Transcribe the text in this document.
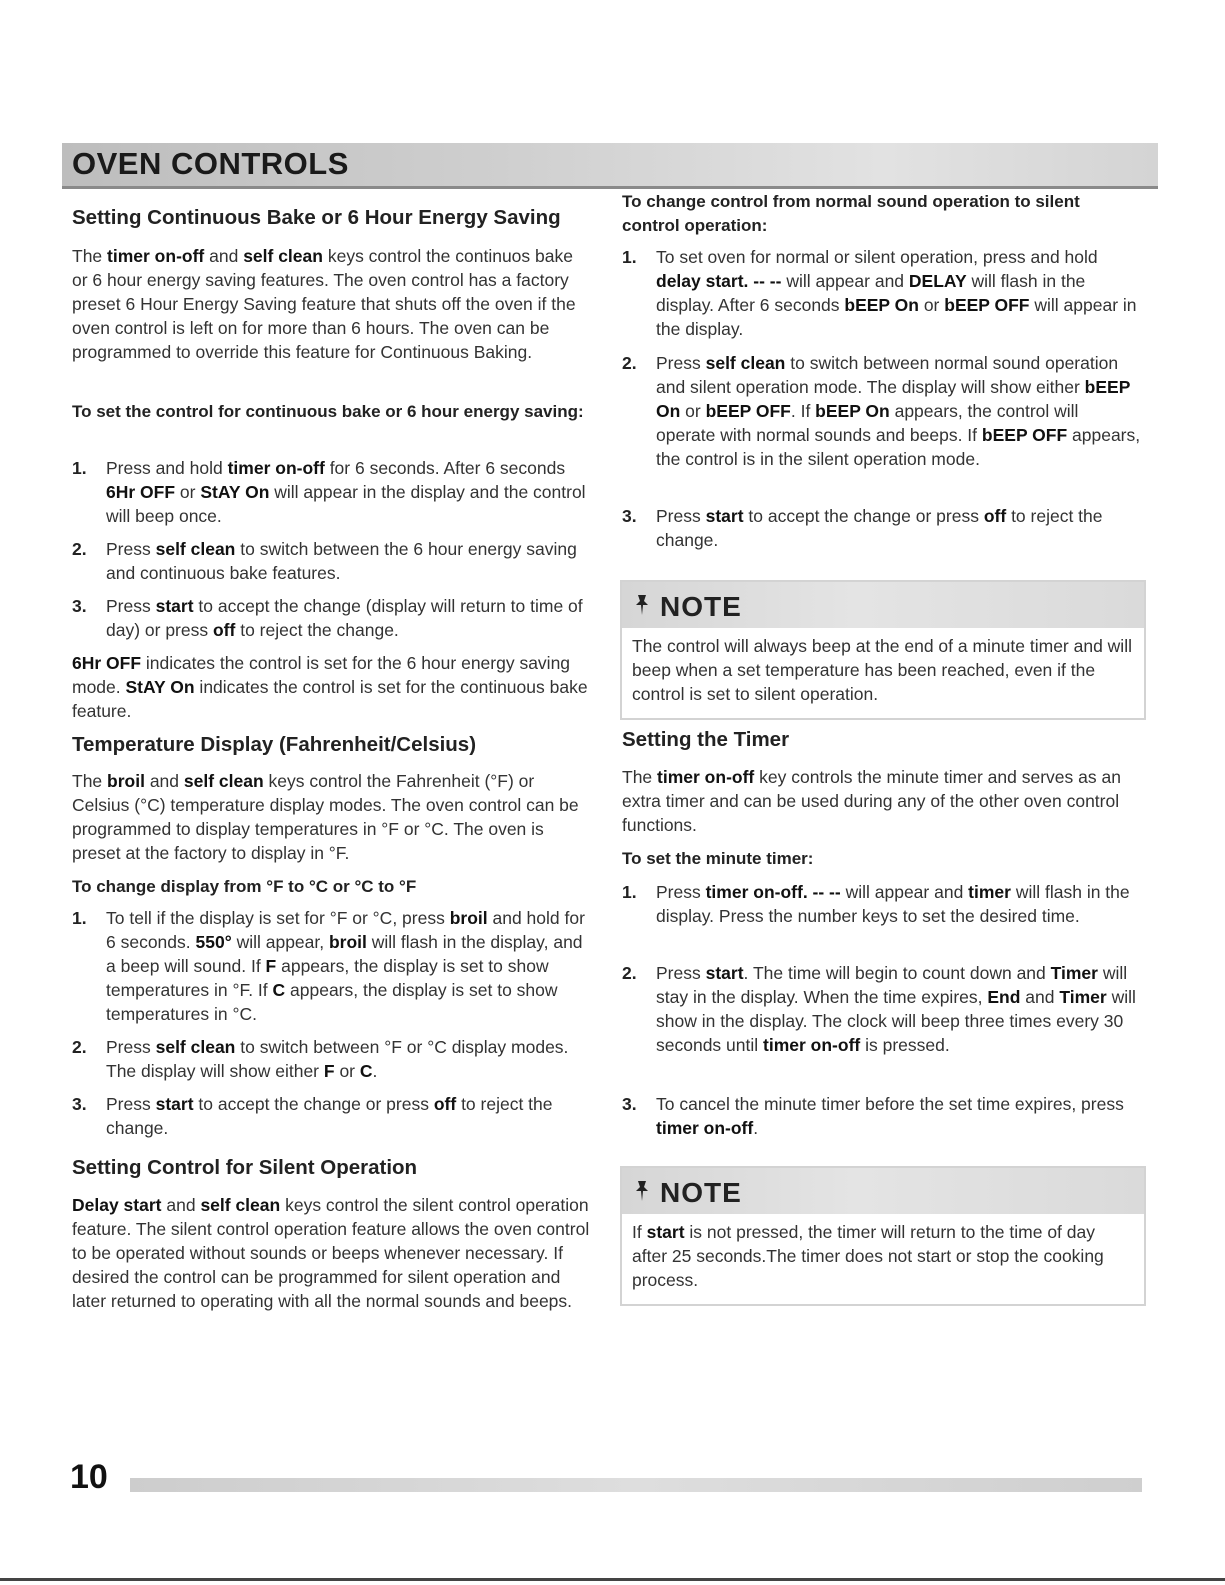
OVEN CONTROLS
Setting Continuous Bake or 6 Hour Energy Saving
The timer on-off and self clean keys control the continuos bake or 6 hour energy saving features. The oven control has a factory preset 6 Hour Energy Saving feature that shuts off the oven if the oven control is left on for more than 6 hours. The oven can be programmed to override this feature for Continuous Baking.
To set the control for continuous bake or 6 hour energy saving:
1. Press and hold timer on-off for 6 seconds. After 6 seconds 6Hr OFF or StAY On will appear in the display and the control will beep once.
2. Press self clean to switch between the 6 hour energy saving and continuous bake features.
3. Press start to accept the change (display will return to time of day) or press off to reject the change.
6Hr OFF indicates the control is set for the 6 hour energy saving mode. StAY On indicates the control is set for the continuous bake feature.
Temperature Display (Fahrenheit/Celsius)
The broil and self clean keys control the Fahrenheit (°F) or Celsius (°C) temperature display modes. The oven control can be programmed to display temperatures in °F or °C. The oven is preset at the factory to display in °F.
To change display from °F to °C or °C to °F
1. To tell if the display is set for °F or °C, press broil and hold for 6 seconds. 550° will appear, broil will flash in the display, and a beep will sound. If F appears, the display is set to show temperatures in °F. If C appears, the display is set to show temperatures in °C.
2. Press self clean to switch between °F or °C display modes. The display will show either F or C.
3. Press start to accept the change or press off to reject the change.
Setting Control for Silent Operation
Delay start and self clean keys control the silent control operation feature. The silent control operation feature allows the oven control to be operated without sounds or beeps whenever necessary. If desired the control can be programmed for silent operation and later returned to operating with all the normal sounds and beeps.
To change control from normal sound operation to silent control operation:
1. To set oven for normal or silent operation, press and hold delay start. -- -- will appear and DELAY will flash in the display. After 6 seconds bEEP On or bEEP OFF will appear in the display.
2. Press self clean to switch between normal sound operation and silent operation mode. The display will show either bEEP On or bEEP OFF. If bEEP On appears, the control will operate with normal sounds and beeps. If bEEP OFF appears, the control is in the silent operation mode.
3. Press start to accept the change or press off to reject the change.
NOTE
The control will always beep at the end of a minute timer and will beep when a set temperature has been reached, even if the control is set to silent operation.
Setting the Timer
The timer on-off key controls the minute timer and serves as an extra timer and can be used during any of the other oven control functions.
To set the minute timer:
1. Press timer on-off. -- -- will appear and timer will flash in the display. Press the number keys to set the desired time.
2. Press start. The time will begin to count down and Timer will stay in the display. When the time expires, End and Timer will show in the display. The clock will beep three times every 30 seconds until timer on-off is pressed.
3. To cancel the minute timer before the set time expires, press timer on-off.
NOTE
If start is not pressed, the timer will return to the time of day after 25 seconds.The timer does not start or stop the cooking process.
10
